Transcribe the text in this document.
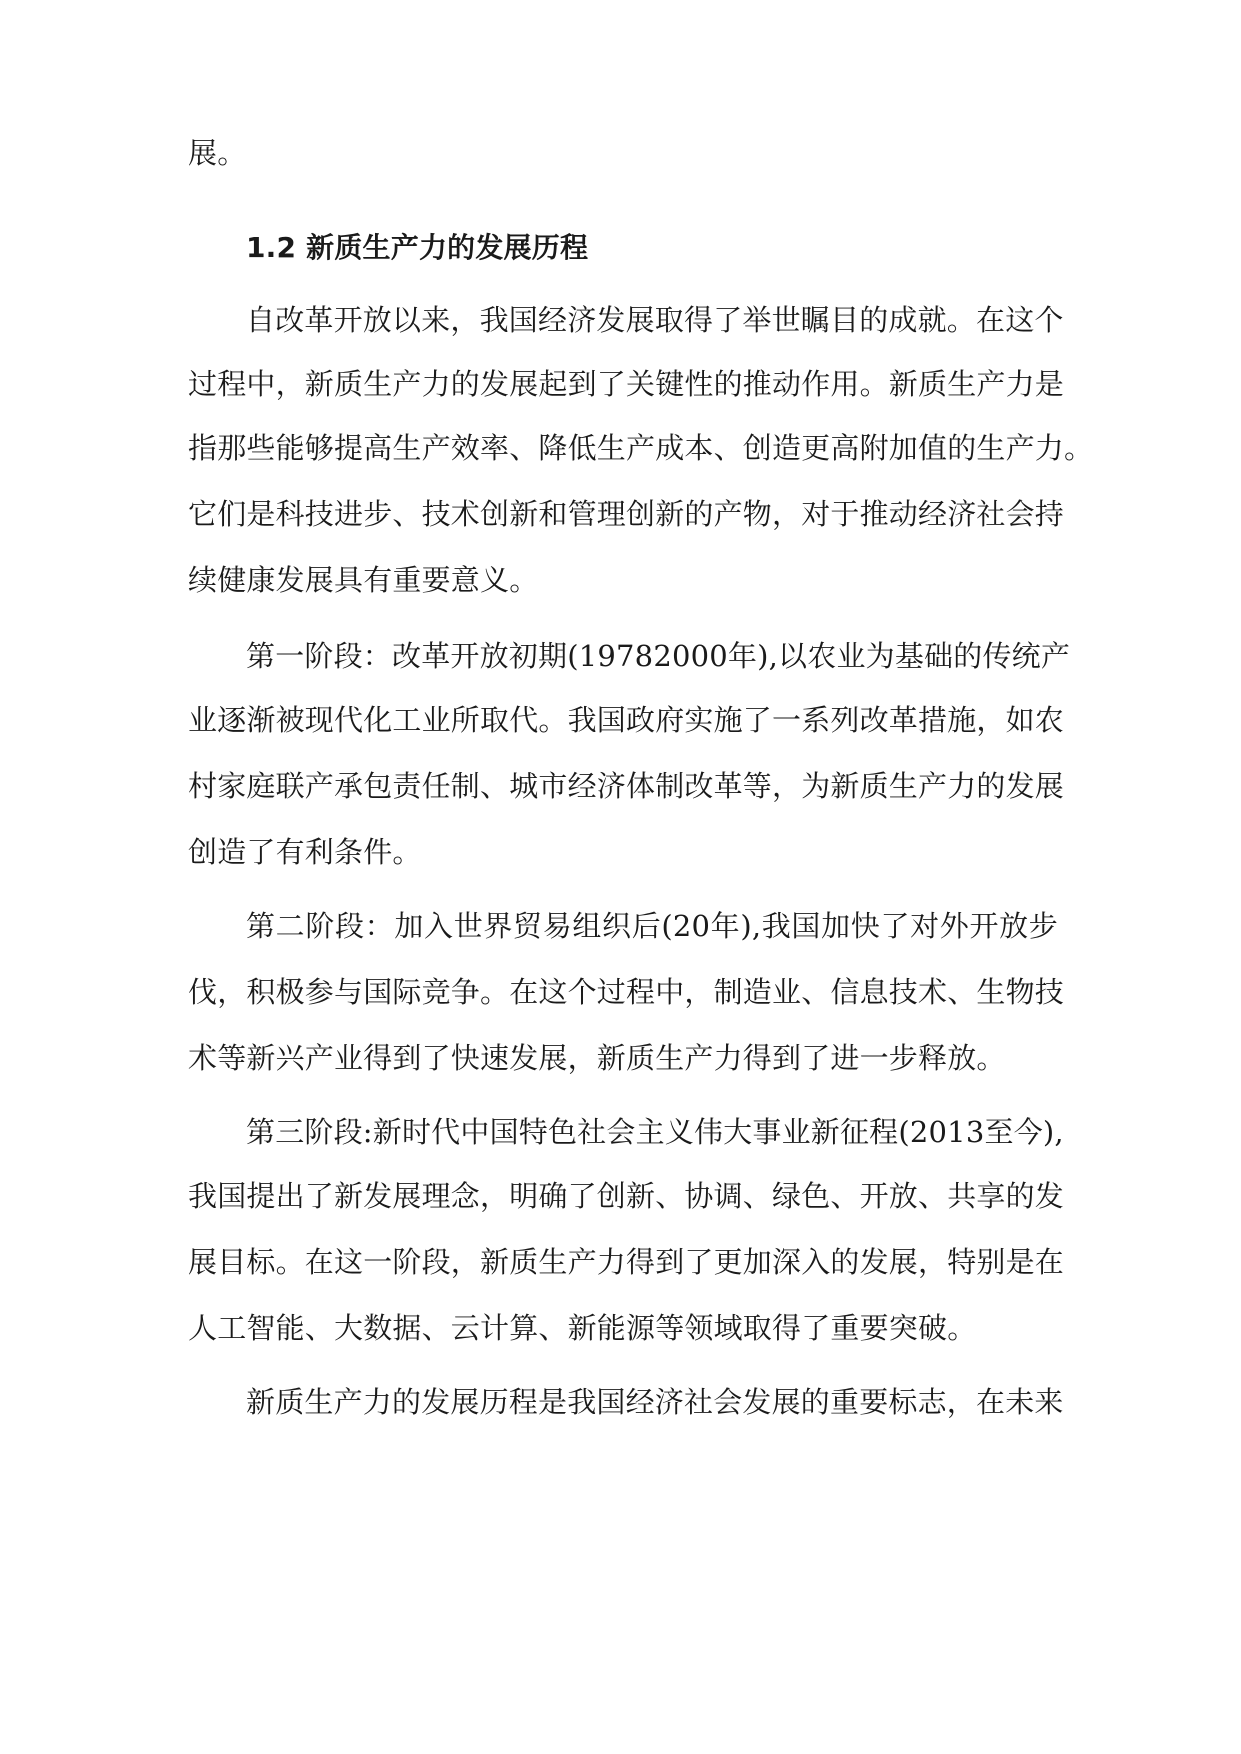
展。
1.2 新质生产力的发展历程
自改革开放以来，我国经济发展取得了举世瞩目的成就。在这个
过程中，新质生产力的发展起到了关键性的推动作用。新质生产力是
指那些能够提高生产效率、降低生产成本、创造更高附加值的生产力。
它们是科技进步、技术创新和管理创新的产物，对于推动经济社会持
续健康发展具有重要意义。
第一阶段：改革开放初期(19782000年),以农业为基础的传统产
业逐渐被现代化工业所取代。我国政府实施了一系列改革措施，如农
村家庭联产承包责任制、城市经济体制改革等，为新质生产力的发展
创造了有利条件。
第二阶段：加入世界贸易组织后(20年),我国加快了对外开放步
伐，积极参与国际竞争。在这个过程中，制造业、信息技术、生物技
术等新兴产业得到了快速发展，新质生产力得到了进一步释放。
第三阶段:新时代中国特色社会主义伟大事业新征程(2013至今),
我国提出了新发展理念，明确了创新、协调、绿色、开放、共享的发
展目标。在这一阶段，新质生产力得到了更加深入的发展，特别是在
人工智能、大数据、云计算、新能源等领域取得了重要突破。
新质生产力的发展历程是我国经济社会发展的重要标志，在未来
